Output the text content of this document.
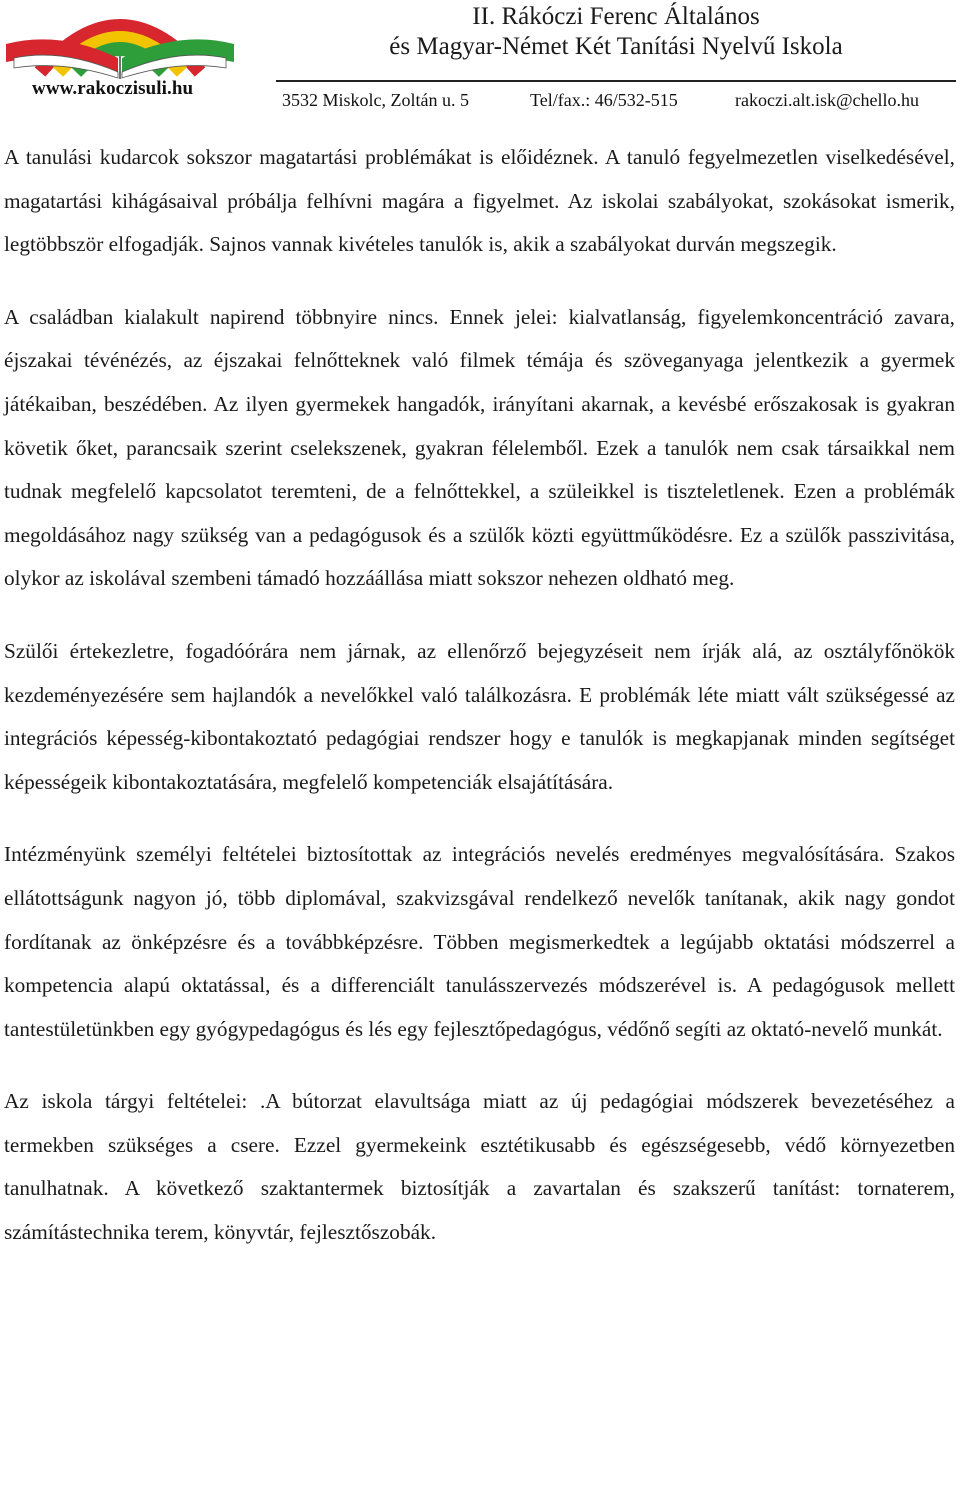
www.rakoczisuli.hu
II. Rákóczi Ferenc Általános
és Magyar-Német Két Tanítási Nyelvű Iskola
3532 Miskolc, Zoltán u. 5	Tel/fax.: 46/532-515	rakoczi.alt.isk@chello.hu

A tanulási kudarcok sokszor magatartási problémákat is előidéznek. A tanuló fegyelmezetlen viselkedésével, magatartási kihágásaival próbálja felhívni magára a figyelmet. Az iskolai szabályokat, szokásokat ismerik, legtöbbször elfogadják. Sajnos vannak kivételes tanulók is, akik a szabályokat durván megszegik.

A családban kialakult napirend többnyire nincs. Ennek jelei: kialvatlanság, figyelemkoncentráció zavara, éjszakai tévénézés, az éjszakai felnőtteknek való filmek témája és szöveganyaga jelentkezik a gyermek játékaiban, beszédében. Az ilyen gyermekek hangadók, irányítani akarnak, a kevésbé erőszakosak is gyakran követik őket, parancsaik szerint cselekszenek, gyakran félelemből. Ezek a tanulók nem csak társaikkal nem tudnak megfelelő kapcsolatot teremteni, de a felnőttekkel, a szüleikkel is tiszteletlenek. Ezen a problémák megoldásához nagy szükség van a pedagógusok és a szülők közti együttműködésre. Ez a szülők passzivitása, olykor az iskolával szembeni támadó hozzáállása miatt sokszor nehezen oldható meg.

Szülői értekezletre, fogadóórára nem járnak, az ellenőrző bejegyzéseit nem írják alá, az osztályfőnökök kezdeményezésére sem hajlandók a nevelőkkel való találkozásra. E problémák léte miatt vált szükségessé az integrációs képesség-kibontakoztató pedagógiai rendszer hogy e tanulók is megkapjanak minden segítséget képességeik kibontakoztatására, megfelelő kompetenciák elsajátítására.

Intézményünk személyi feltételei biztosítottak az integrációs nevelés eredményes megvalósítására. Szakos ellátottságunk nagyon jó, több diplomával, szakvizsgával rendelkező nevelők tanítanak, akik nagy gondot fordítanak az önképzésre és a továbbképzésre. Többen megismerkedtek a legújabb oktatási módszerrel a kompetencia alapú oktatással, és a differenciált tanulásszervezés módszerével is. A pedagógusok mellett tantestületünkben egy gyógypedagógus és lés egy fejlesztőpedagógus, védőnő segíti az oktató-nevelő munkát.

Az iskola tárgyi feltételei: .A bútorzat elavultsága miatt az új pedagógiai módszerek bevezetéséhez a termekben szükséges a csere. Ezzel gyermekeink esztétikusabb és egészségesebb, védő környezetben tanulhatnak. A következő szaktantermek biztosítják a zavartalan és szakszerű tanítást: tornaterem, számítástechnika terem, könyvtár, fejlesztőszobák.
